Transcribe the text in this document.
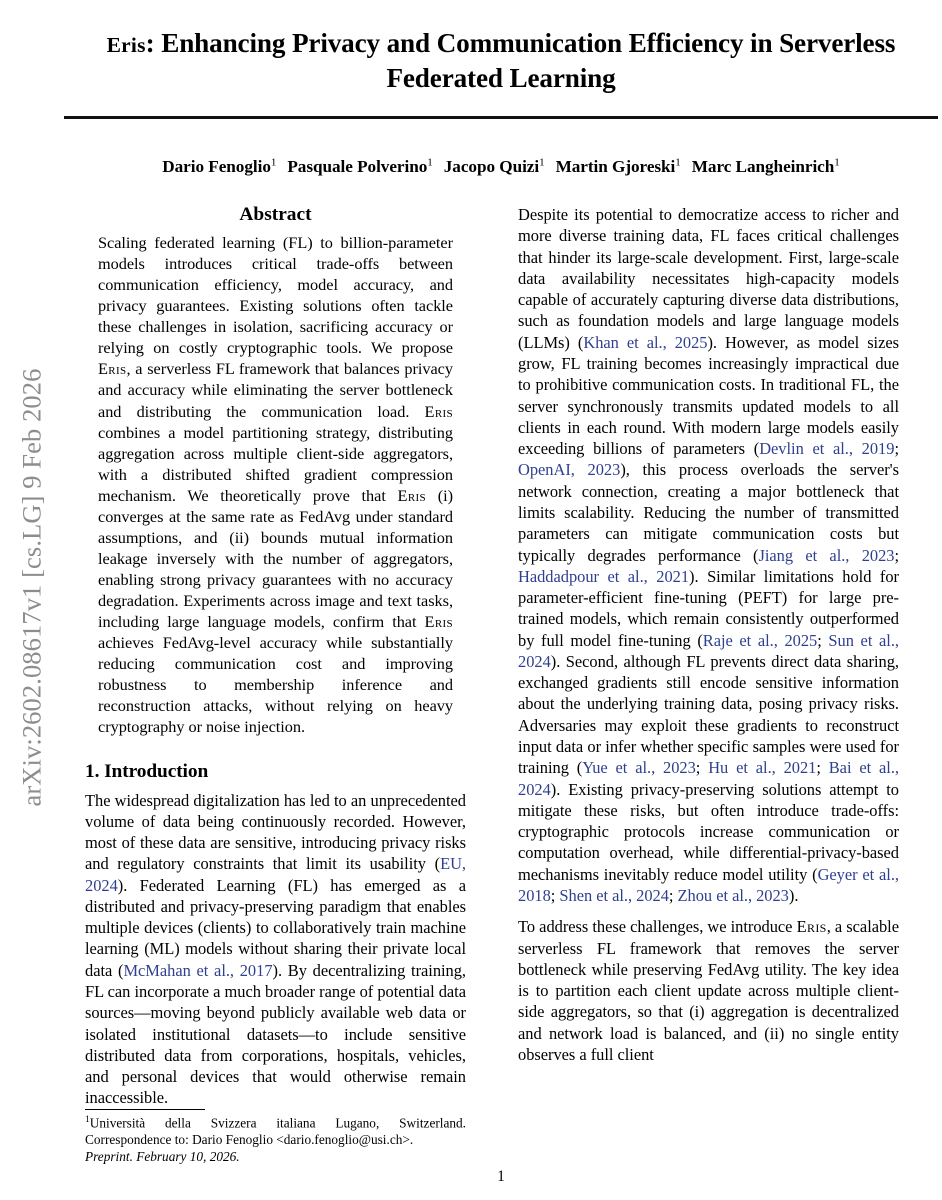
arXiv:2602.08617v1 [cs.LG] 9 Feb 2026
Eris: Enhancing Privacy and Communication Efficiency in Serverless Federated Learning
Dario Fenoglio$^1$ Pasquale Polverino$^1$ Jacopo Quizi$^1$ Martin Gjoreski$^1$ Marc Langheinrich$^1$
Abstract

Scaling federated learning (FL) to billion-parameter models introduces critical trade-offs between communication efficiency, model accuracy, and privacy guarantees. Existing solutions often tackle these challenges in isolation, sacrificing accuracy or relying on costly cryptographic tools. We propose Eris, a serverless FL framework that balances privacy and accuracy while eliminating the server bottleneck and distributing the communication load. Eris combines a model partitioning strategy, distributing aggregation across multiple client-side aggregators, with a distributed shifted gradient compression mechanism. We theoretically prove that Eris (i) converges at the same rate as FedAvg under standard assumptions, and (ii) bounds mutual information leakage inversely with the number of aggregators, enabling strong privacy guarantees with no accuracy degradation. Experiments across image and text tasks, including large language models, confirm that Eris achieves FedAvg-level accuracy while substantially reducing communication cost and improving robustness to membership inference and reconstruction attacks, without relying on heavy cryptography or noise injection.

1. Introduction

The widespread digitalization has led to an unprecedented volume of data being continuously recorded. However, most of these data are sensitive, introducing privacy risks and regulatory constraints that limit its usability (EU, 2024). Federated Learning (FL) has emerged as a distributed and privacy-preserving paradigm that enables multiple devices (clients) to collaboratively train machine learning (ML) models without sharing their private local data (McMahan et al., 2017). By decentralizing training, FL can incorporate a much broader range of potential data sources—moving beyond publicly available web data or isolated institutional datasets—to include sensitive distributed data from corporations, hospitals, vehicles, and personal devices that would otherwise remain inaccessible.

Despite its potential to democratize access to richer and more diverse training data, FL faces critical challenges that hinder its large-scale development. First, large-scale data availability necessitates high-capacity models capable of accurately capturing diverse data distributions, such as foundation models and large language models (LLMs) (Khan et al., 2025). However, as model sizes grow, FL training becomes increasingly impractical due to prohibitive communication costs. In traditional FL, the server synchronously transmits updated models to all clients in each round. With modern large models easily exceeding billions of parameters (Devlin et al., 2019; OpenAI, 2023), this process overloads the server's network connection, creating a major bottleneck that limits scalability. Reducing the number of transmitted parameters can mitigate communication costs but typically degrades performance (Jiang et al., 2023; Haddadpour et al., 2021). Similar limitations hold for parameter-efficient fine-tuning (PEFT) for large pre-trained models, which remain consistently outperformed by full model fine-tuning (Raje et al., 2025; Sun et al., 2024). Second, although FL prevents direct data sharing, exchanged gradients still encode sensitive information about the underlying training data, posing privacy risks. Adversaries may exploit these gradients to reconstruct input data or infer whether specific samples were used for training (Yue et al., 2023; Hu et al., 2021; Bai et al., 2024). Existing privacy-preserving solutions attempt to mitigate these risks, but often introduce trade-offs: cryptographic protocols increase communication or computation overhead, while differential-privacy-based mechanisms inevitably reduce model utility (Geyer et al., 2018; Shen et al., 2024; Zhou et al., 2023).

To address these challenges, we introduce Eris, a scalable serverless FL framework that removes the server bottleneck while preserving FedAvg utility. The key idea is to partition each client update across multiple client-side aggregators, so that (i) aggregation is decentralized and network load is balanced, and (ii) no single entity observes a full client

$^1$Università della Svizzera italiana Lugano, Switzerland. Correspondence to: Dario Fenoglio <dario.fenoglio@usi.ch>.

Preprint. February 10, 2026.

1
